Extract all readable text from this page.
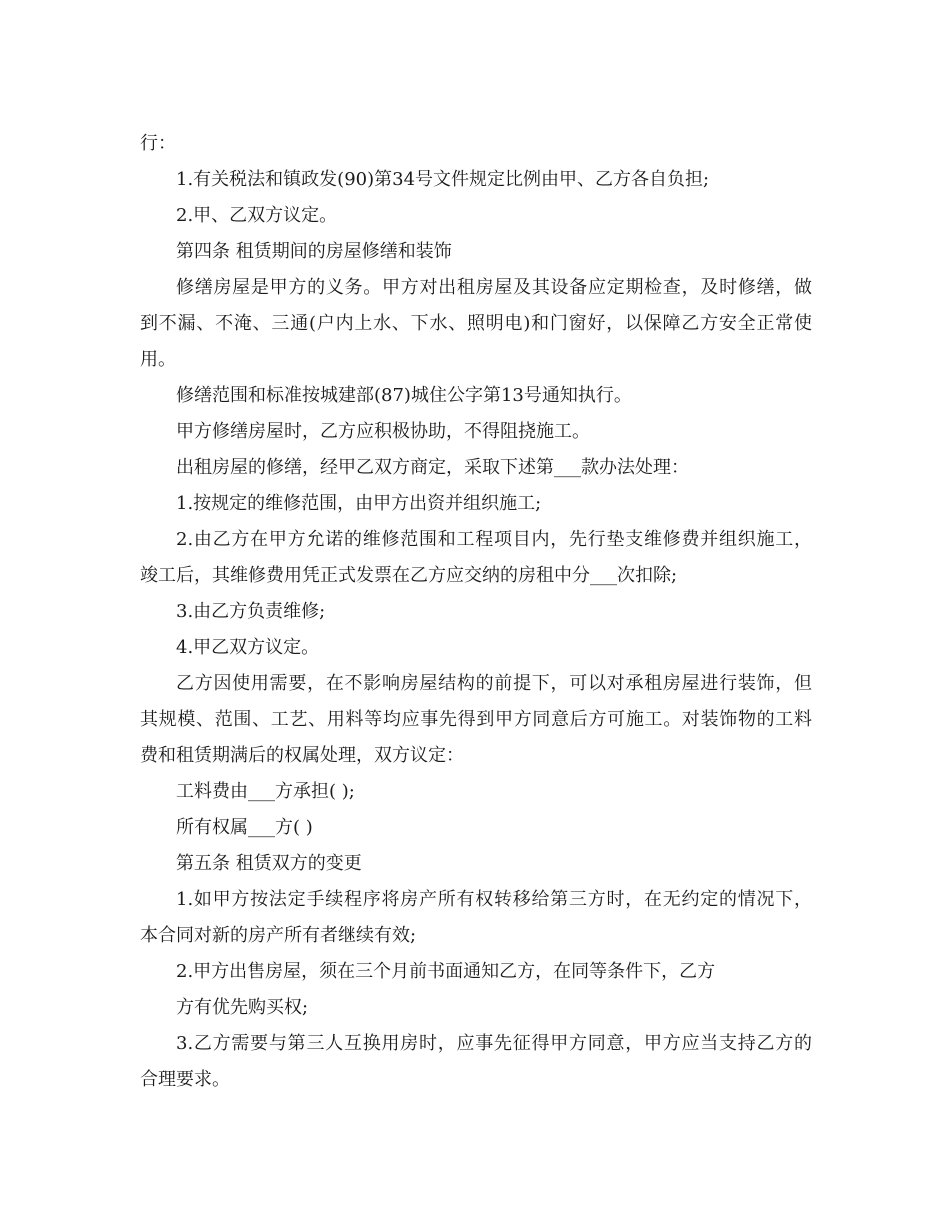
行：
1.有关税法和镇政发(90)第34号文件规定比例由甲、乙方各自负担;
2.甲、乙双方议定。
第四条 租赁期间的房屋修缮和装饰
修缮房屋是甲方的义务。甲方对出租房屋及其设备应定期检查，及时修缮，做
到不漏、不淹、三通(户内上水、下水、照明电)和门窗好，以保障乙方安全正常使
用。
修缮范围和标准按城建部(87)城住公字第13号通知执行。
甲方修缮房屋时，乙方应积极协助，不得阻挠施工。
出租房屋的修缮，经甲乙双方商定，采取下述第___款办法处理：
1.按规定的维修范围，由甲方出资并组织施工;
2.由乙方在甲方允诺的维修范围和工程项目内，先行垫支维修费并组织施工，
竣工后，其维修费用凭正式发票在乙方应交纳的房租中分___次扣除;
3.由乙方负责维修;
4.甲乙双方议定。
乙方因使用需要，在不影响房屋结构的前提下，可以对承租房屋进行装饰，但
其规模、范围、工艺、用料等均应事先得到甲方同意后方可施工。对装饰物的工料
费和租赁期满后的权属处理，双方议定：
工料费由___方承担( );
所有权属___方( )
第五条 租赁双方的变更
1.如甲方按法定手续程序将房产所有权转移给第三方时，在无约定的情况下，
本合同对新的房产所有者继续有效;
2.甲方出售房屋，须在三个月前书面通知乙方，在同等条件下，乙方
方有优先购买权;
3.乙方需要与第三人互换用房时，应事先征得甲方同意，甲方应当支持乙方的
合理要求。
